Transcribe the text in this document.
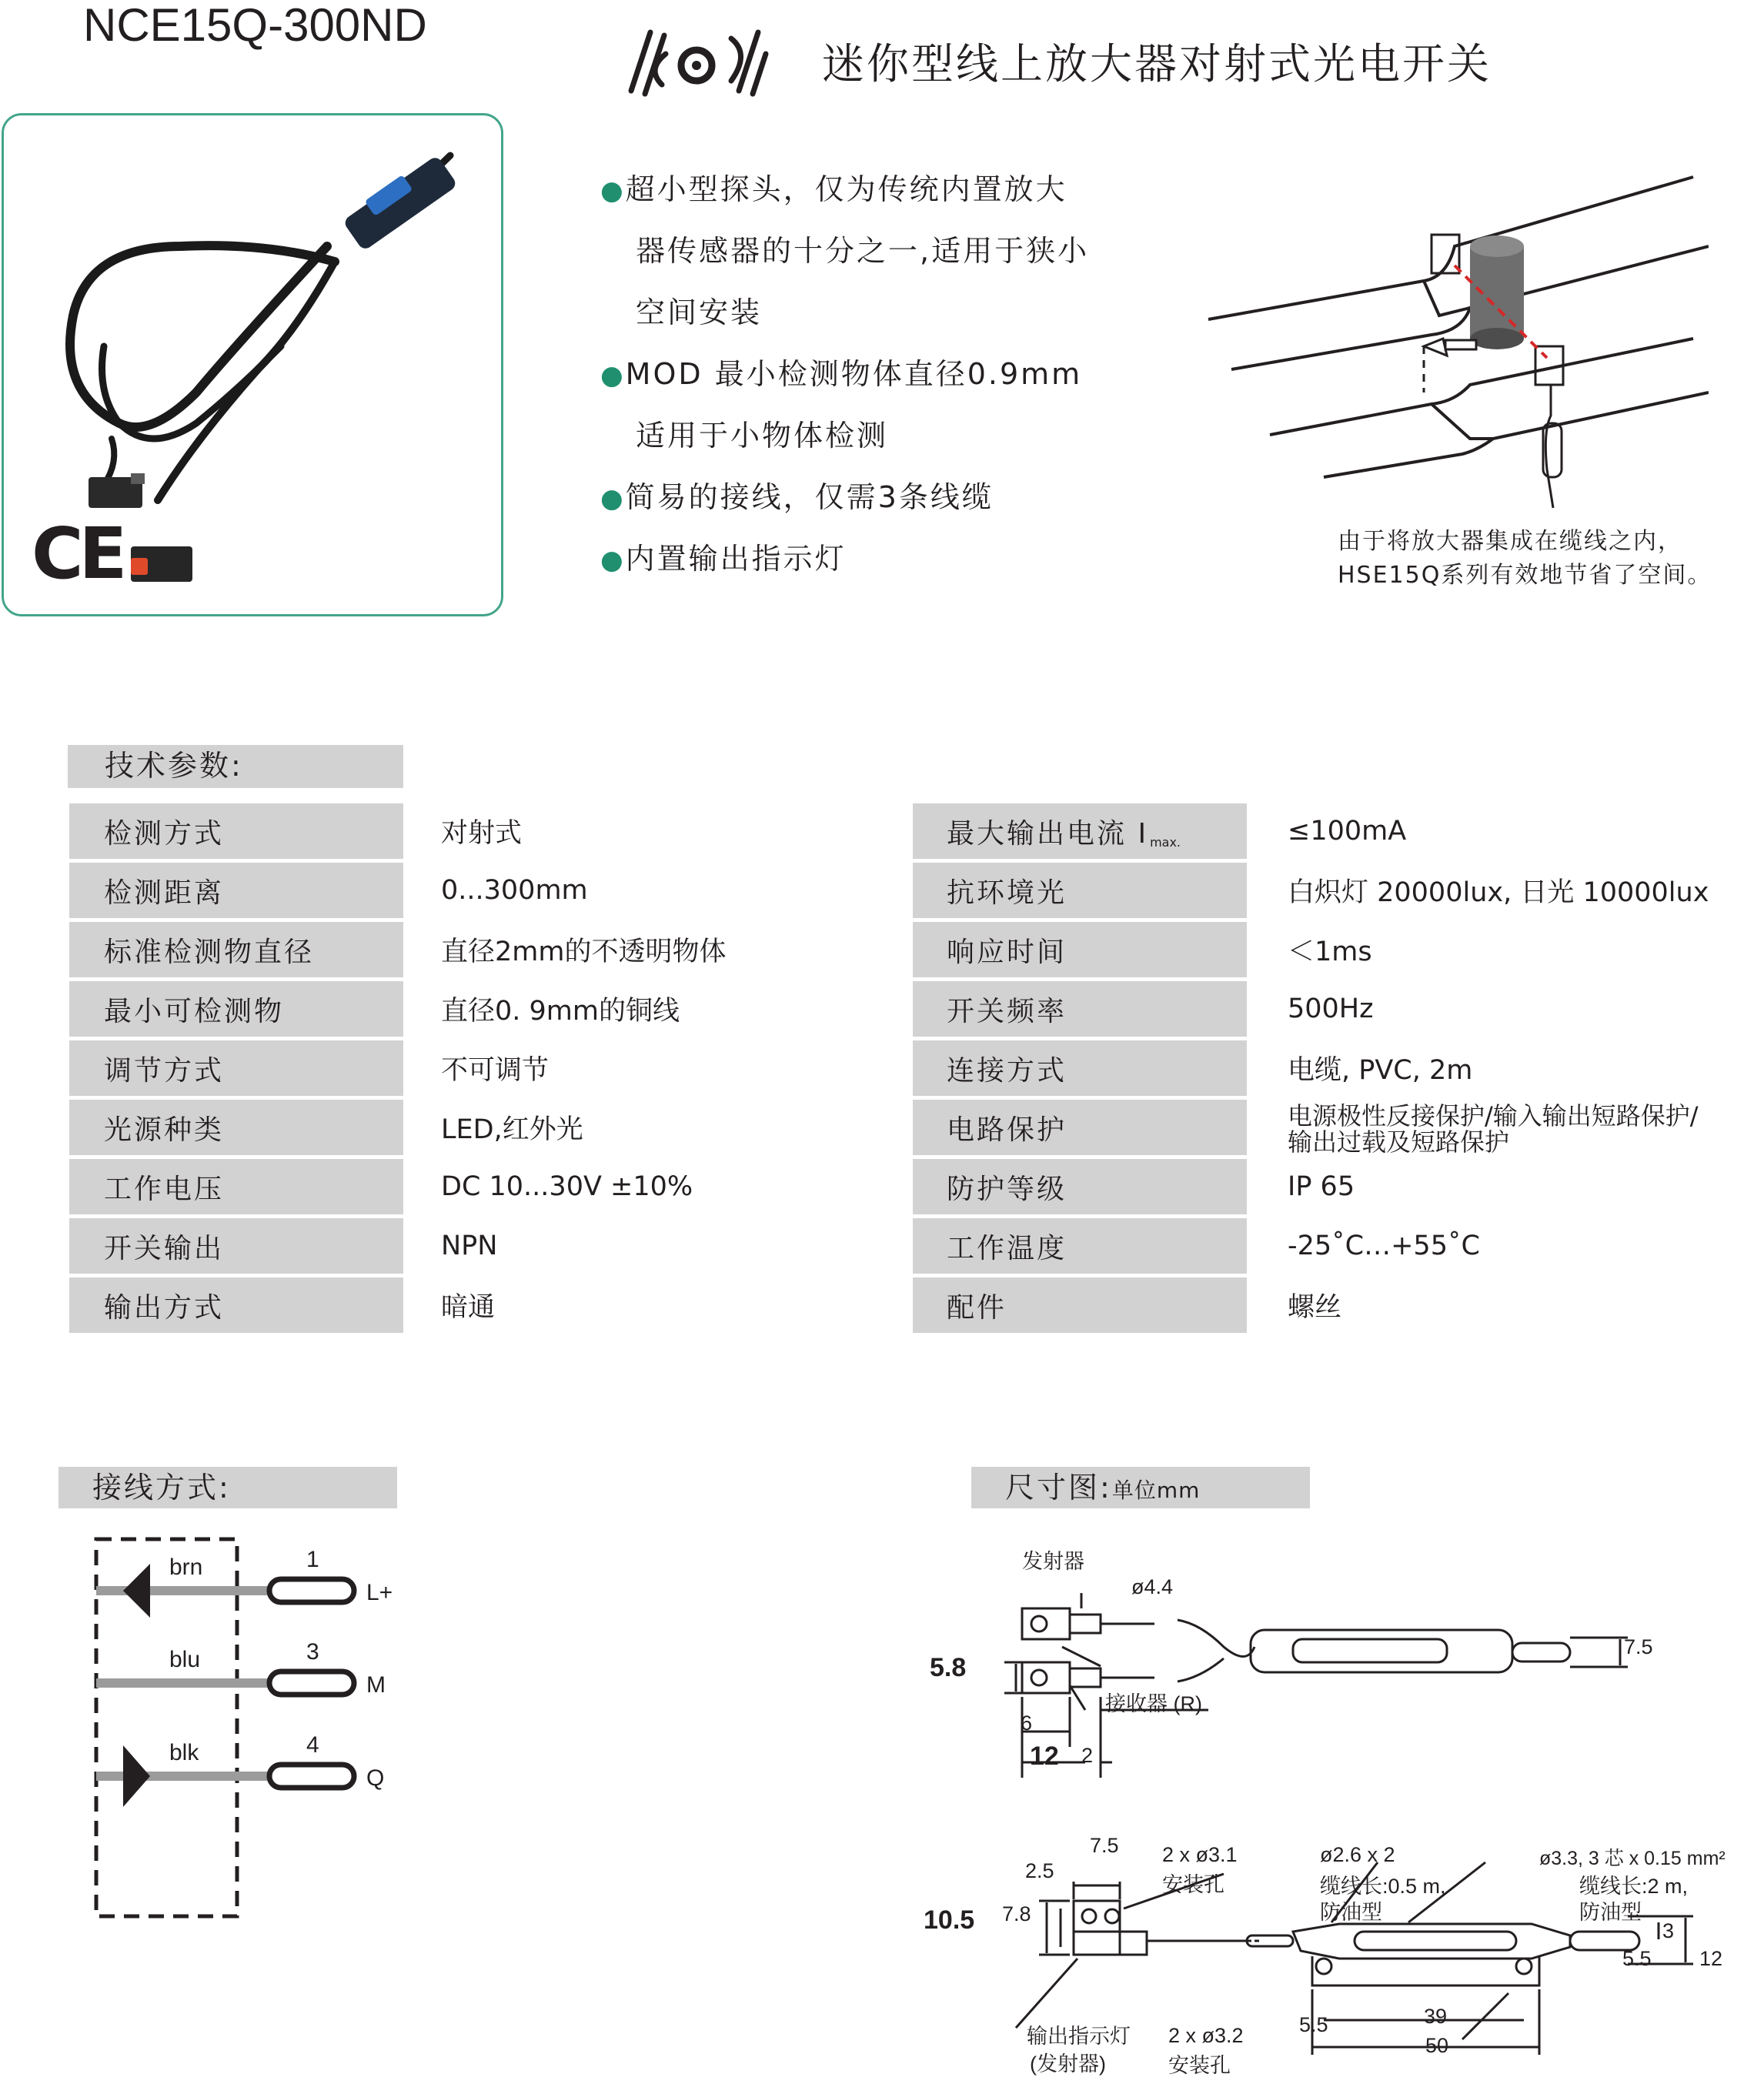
NCE15Q-300ND
迷你型线上放大器对射式光电开关
CE
●超小型探头，仅为传统内置放大
器传感器的十分之一,适用于狭小
空间安装
●MOD 最小检测物体直径0.9mm
适用于小物体检测
●简易的接线，仅需3条线缆
●内置输出指示灯
由于将放大器集成在缆线之内，
HSE15Q系列有效地节省了空间。
技术参数:
检测方式	对射式
检测距离	0...300mm
标准检测物直径	直径2mm的不透明物体
最小可检测物	直径0. 9mm的铜线
调节方式	不可调节
光源种类	LED,红外光
工作电压	DC 10...30V ±10%
开关输出	NPN
输出方式	暗通
最大输出电流 I max.	≤100mA
抗环境光	白炽灯 20000lux, 日光 10000lux
响应时间	＜1ms
开关频率	500Hz
连接方式	电缆, PVC, 2m
电路保护	电源极性反接保护/输入输出短路保护/
输出过载及短路保护
防护等级	IP 65
工作温度	-25˚C…+55˚C
配件	螺丝
接线方式:
brn	1
L+
blu	3
M
blk	4
Q
尺寸图:单位mm
发射器
ø4.4
5.8
接收器 (R)
7.5
6
12 2
7.5
2.5
10.5 7.8
2 x ø3.1
安装孔
ø2.6 x 2
缆线长:0.5 m,
防油型
ø3.3, 3 芯 x 0.15 mm²
缆线长:2 m,
防油型
3
5.5 12
5.5	39
50
输出指示灯
(发射器)
2 x ø3.2
安装孔
